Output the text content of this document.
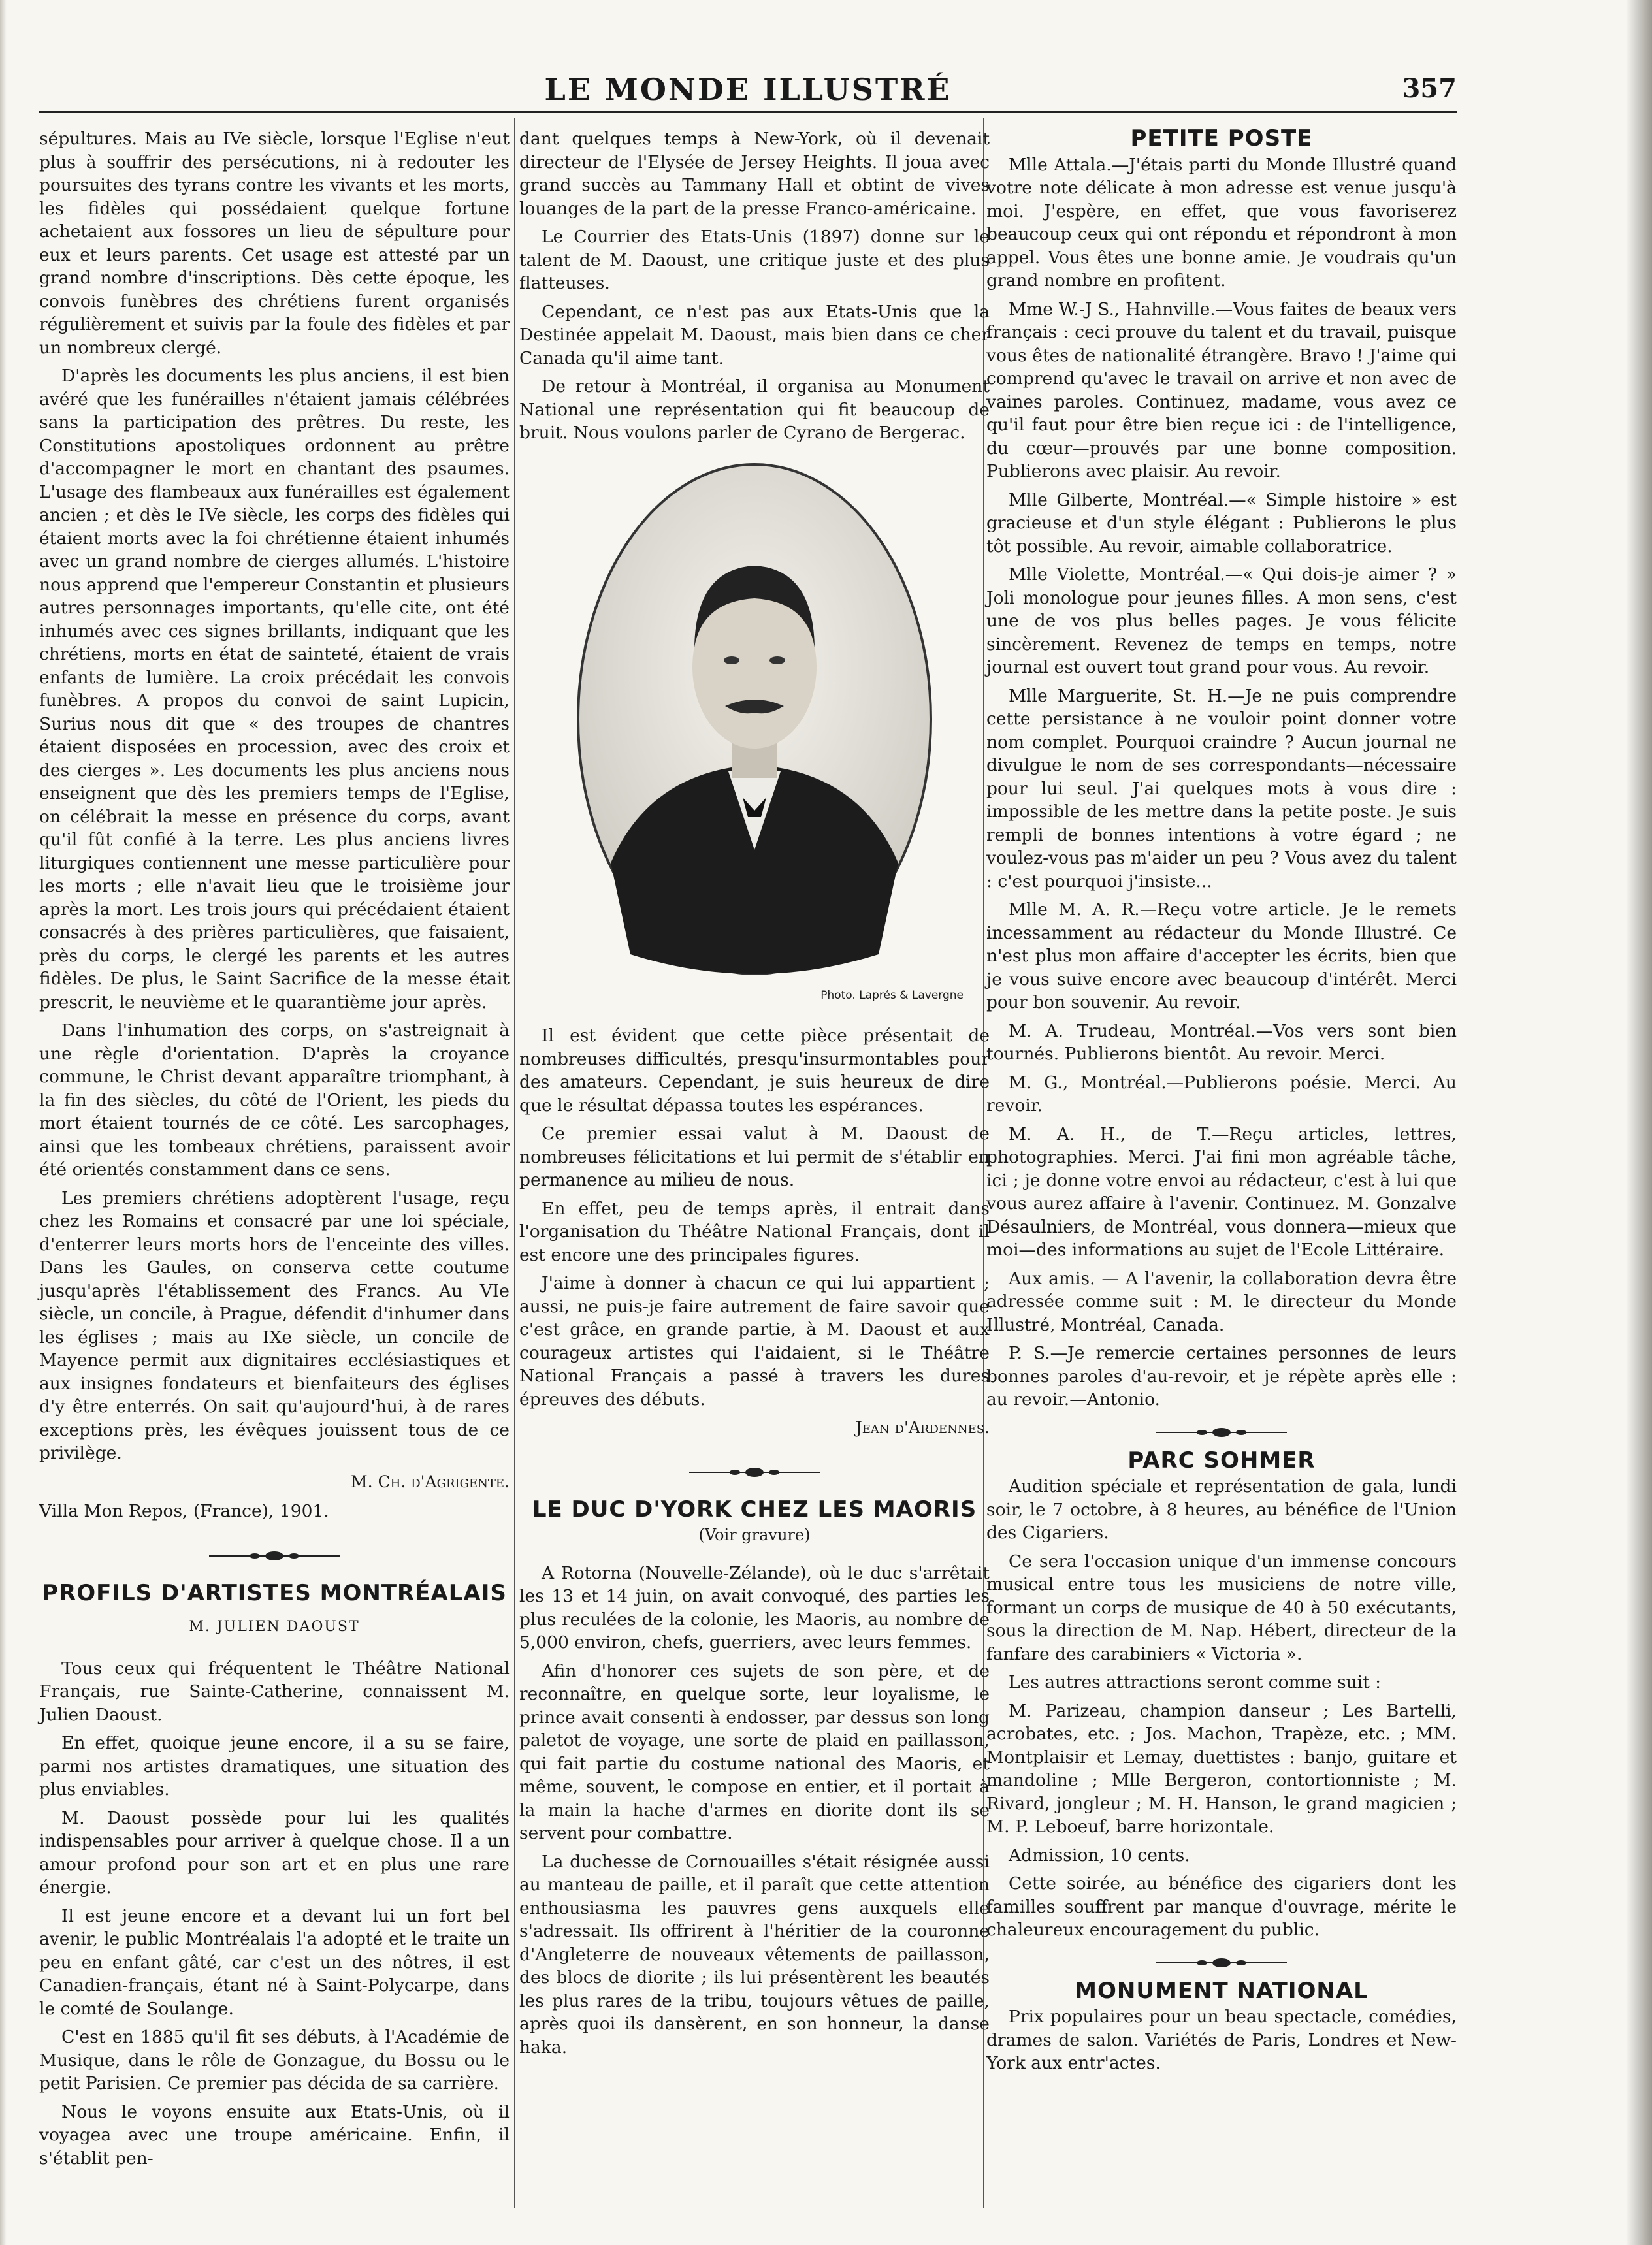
LE MONDE ILLUSTRÉ	357

sépultures. Mais au IVe siècle, lorsque l'Eglise n'eut plus à souffrir des persécutions, ni à redouter les poursuites des tyrans contre les vivants et les morts, les fidèles qui possédaient quelque fortune achetaient aux fossores un lieu de sépulture pour eux et leurs parents. Cet usage est attesté par un grand nombre d'inscriptions. Dès cette époque, les convois funèbres des chrétiens furent organisés régulièrement et suivis par la foule des fidèles et par un nombreux clergé.

D'après les documents les plus anciens, il est bien avéré que les funérailles n'étaient jamais célébrées sans la participation des prêtres. Du reste, les Constitutions apostoliques ordonnent au prêtre d'accompagner le mort en chantant des psaumes. L'usage des flambeaux aux funérailles est également ancien ; et dès le IVe siècle, les corps des fidèles qui étaient morts avec la foi chrétienne étaient inhumés avec un grand nombre de cierges allumés. L'histoire nous apprend que l'empereur Constantin et plusieurs autres personnages importants, qu'elle cite, ont été inhumés avec ces signes brillants, indiquant que les chrétiens, morts en état de sainteté, étaient de vrais enfants de lumière. La croix précédait les convois funèbres. A propos du convoi de saint Lupicin, Surius nous dit que « des troupes de chantres étaient disposées en procession, avec des croix et des cierges ». Les documents les plus anciens nous enseignent que dès les premiers temps de l'Eglise, on célébrait la messe en présence du corps, avant qu'il fût confié à la terre. Les plus anciens livres liturgiques contiennent une messe particulière pour les morts ; elle n'avait lieu que le troisième jour après la mort. Les trois jours qui précédaient étaient consacrés à des prières particulières, que faisaient, près du corps, le clergé les parents et les autres fidèles. De plus, le Saint Sacrifice de la messe était prescrit, le neuvième et le quarantième jour après.

Dans l'inhumation des corps, on s'astreignait à une règle d'orientation. D'après la croyance commune, le Christ devant apparaître triomphant, à la fin des siècles, du côté de l'Orient, les pieds du mort étaient tournés de ce côté. Les sarcophages, ainsi que les tombeaux chrétiens, paraissent avoir été orientés constamment dans ce sens.

Les premiers chrétiens adoptèrent l'usage, reçu chez les Romains et consacré par une loi spéciale, d'enterrer leurs morts hors de l'enceinte des villes. Dans les Gaules, on conserva cette coutume jusqu'après l'établissement des Francs. Au VIe siècle, un concile, à Prague, défendit d'inhumer dans les églises ; mais au IXe siècle, un concile de Mayence permit aux dignitaires ecclésiastiques et aux insignes fondateurs et bienfaiteurs des églises d'y être enterrés. On sait qu'aujourd'hui, à de rares exceptions près, les évêques jouissent tous de ce privilège.

M. Ch. d'Agrigente.

Villa Mon Repos, (France), 1901.

PROFILS D'ARTISTES MONTRÉALAIS
M. JULIEN DAOUST

Tous ceux qui fréquentent le Théâtre National Français, rue Sainte-Catherine, connaissent M. Julien Daoust.

En effet, quoique jeune encore, il a su se faire, parmi nos artistes dramatiques, une situation des plus enviables.

M. Daoust possède pour lui les qualités indispensables pour arriver à quelque chose. Il a un amour profond pour son art et en plus une rare énergie.

Il est jeune encore et a devant lui un fort bel avenir, le public Montréalais l'a adopté et le traite un peu en enfant gâté, car c'est un des nôtres, il est Canadien-français, étant né à Saint-Polycarpe, dans le comté de Soulange.

C'est en 1885 qu'il fit ses débuts, à l'Académie de Musique, dans le rôle de Gonzague, du Bossu ou le petit Parisien. Ce premier pas décida de sa carrière.

Nous le voyons ensuite aux Etats-Unis, où il voyagea avec une troupe américaine. Enfin, il s'établit pen-

dant quelques temps à New-York, où il devenait directeur de l'Elysée de Jersey Heights. Il joua avec grand succès au Tammany Hall et obtint de vives louanges de la part de la presse Franco-américaine.

Le Courrier des Etats-Unis (1897) donne sur le talent de M. Daoust, une critique juste et des plus flatteuses.

Cependant, ce n'est pas aux Etats-Unis que la Destinée appelait M. Daoust, mais bien dans ce cher Canada qu'il aime tant.

De retour à Montréal, il organisa au Monument National une représentation qui fit beaucoup de bruit. Nous voulons parler de Cyrano de Bergerac.

Photo. Laprés & Lavergne

Il est évident que cette pièce présentait de nombreuses difficultés, presqu'insurmontables pour des amateurs. Cependant, je suis heureux de dire que le résultat dépassa toutes les espérances.

Ce premier essai valut à M. Daoust de nombreuses félicitations et lui permit de s'établir en permanence au milieu de nous.

En effet, peu de temps après, il entrait dans l'organisation du Théâtre National Français, dont il est encore une des principales figures.

J'aime à donner à chacun ce qui lui appartient ; aussi, ne puis-je faire autrement de faire savoir que c'est grâce, en grande partie, à M. Daoust et aux courageux artistes qui l'aidaient, si le Théâtre National Français a passé à travers les dures épreuves des débuts.

Jean d'Ardennes.
LE DUC D'YORK CHEZ LES MAORIS
(Voir gravure)

A Rotorna (Nouvelle-Zélande), où le duc s'arrêtait les 13 et 14 juin, on avait convoqué, des parties les plus reculées de la colonie, les Maoris, au nombre de 5,000 environ, chefs, guerriers, avec leurs femmes.

Afin d'honorer ces sujets de son père, et de reconnaître, en quelque sorte, leur loyalisme, le prince avait consenti à endosser, par dessus son long paletot de voyage, une sorte de plaid en paillasson, qui fait partie du costume national des Maoris, et même, souvent, le compose en entier, et il portait à la main la hache d'armes en diorite dont ils se servent pour combattre.

La duchesse de Cornouailles s'était résignée aussi au manteau de paille, et il paraît que cette attention enthousiasma les pauvres gens auxquels elle s'adressait. Ils offrirent à l'héritier de la couronne d'Angleterre de nouveaux vêtements de paillasson, des blocs de diorite ; ils lui présentèrent les beautés les plus rares de la tribu, toujours vêtues de paille, après quoi ils dansèrent, en son honneur, la danse haka.

PETITE POSTE

Mlle Attala.—J'étais parti du Monde Illustré quand votre note délicate à mon adresse est venue jusqu'à moi. J'espère, en effet, que vous favoriserez beaucoup ceux qui ont répondu et répondront à mon appel. Vous êtes une bonne amie. Je voudrais qu'un grand nombre en profitent.

Mme W.-J S., Hahnville.—Vous faites de beaux vers français : ceci prouve du talent et du travail, puisque vous êtes de nationalité étrangère. Bravo ! J'aime qui comprend qu'avec le travail on arrive et non avec de vaines paroles. Continuez, madame, vous avez ce qu'il faut pour être bien reçue ici : de l'intelligence, du cœur—prouvés par une bonne composition. Publierons avec plaisir. Au revoir.

Mlle Gilberte, Montréal.—« Simple histoire » est gracieuse et d'un style élégant : Publierons le plus tôt possible. Au revoir, aimable collaboratrice.

Mlle Violette, Montréal.—« Qui dois-je aimer ? » Joli monologue pour jeunes filles. A mon sens, c'est une de vos plus belles pages. Je vous félicite sincèrement. Revenez de temps en temps, notre journal est ouvert tout grand pour vous. Au revoir.

Mlle Marguerite, St. H.—Je ne puis comprendre cette persistance à ne vouloir point donner votre nom complet. Pourquoi craindre ? Aucun journal ne divulgue le nom de ses correspondants—nécessaire pour lui seul. J'ai quelques mots à vous dire : impossible de les mettre dans la petite poste. Je suis rempli de bonnes intentions à votre égard ; ne voulez-vous pas m'aider un peu ? Vous avez du talent : c'est pourquoi j'insiste...

Mlle M. A. R.—Reçu votre article. Je le remets incessamment au rédacteur du Monde Illustré. Ce n'est plus mon affaire d'accepter les écrits, bien que je vous suive encore avec beaucoup d'intérêt. Merci pour bon souvenir. Au revoir.

M. A. Trudeau, Montréal.—Vos vers sont bien tournés. Publierons bientôt. Au revoir. Merci.

M. G., Montréal.—Publierons poésie. Merci. Au revoir.

M. A. H., de T.—Reçu articles, lettres, photographies. Merci. J'ai fini mon agréable tâche, ici ; je donne votre envoi au rédacteur, c'est à lui que vous aurez affaire à l'avenir. Continuez. M. Gonzalve Désaulniers, de Montréal, vous donnera—mieux que moi—des informations au sujet de l'Ecole Littéraire.

Aux amis. — A l'avenir, la collaboration devra être adressée comme suit : M. le directeur du Monde Illustré, Montréal, Canada.

P. S.—Je remercie certaines personnes de leurs bonnes paroles d'au-revoir, et je répète après elle : au revoir.—Antonio.

PARC SOHMER

Audition spéciale et représentation de gala, lundi soir, le 7 octobre, à 8 heures, au bénéfice de l'Union des Cigariers.

Ce sera l'occasion unique d'un immense concours musical entre tous les musiciens de notre ville, formant un corps de musique de 40 à 50 exécutants, sous la direction de M. Nap. Hébert, directeur de la fanfare des carabiniers « Victoria ».

Les autres attractions seront comme suit :

M. Parizeau, champion danseur ; Les Bartelli, acrobates, etc. ; Jos. Machon, Trapèze, etc. ; MM. Montplaisir et Lemay, duettistes : banjo, guitare et mandoline ; Mlle Bergeron, contortionniste ; M. Rivard, jongleur ; M. H. Hanson, le grand magicien ; M. P. Leboeuf, barre horizontale.

Admission, 10 cents.

Cette soirée, au bénéfice des cigariers dont les familles souffrent par manque d'ouvrage, mérite le chaleureux encouragement du public.

MONUMENT NATIONAL

Prix populaires pour un beau spectacle, comédies, drames de salon. Variétés de Paris, Londres et New-York aux entr'actes.
